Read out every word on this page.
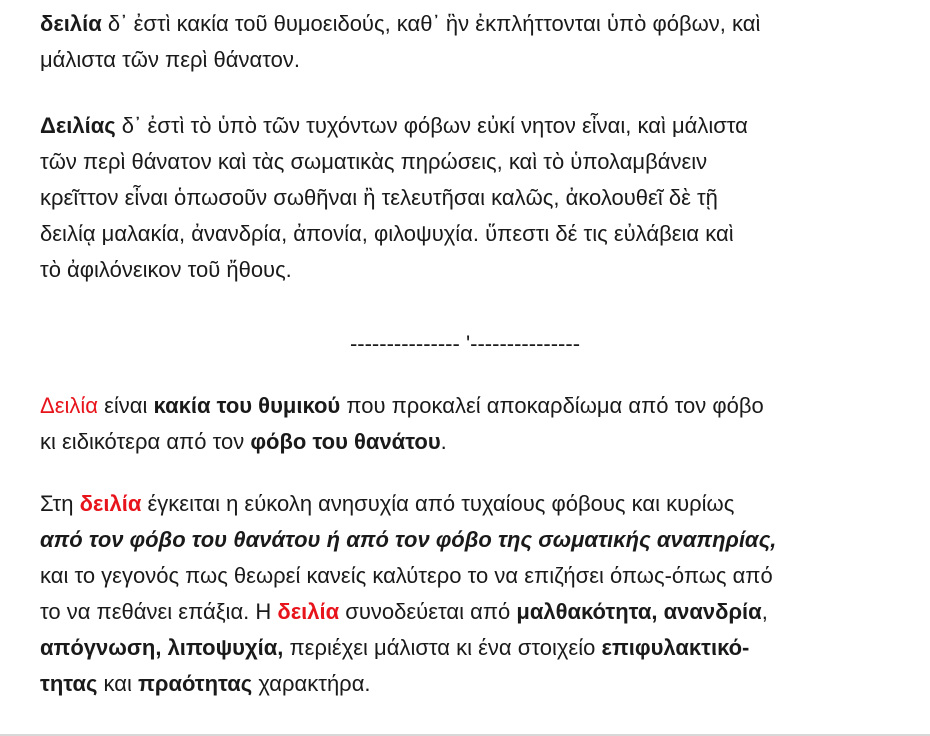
δειλία δ᾽ ἐστὶ κακία τοῦ θυμοειδούς, καθ᾽ ἣν ἐκπλήττονται ὑπὸ φόβων, καὶ
μάλιστα τῶν περὶ θάνατον.
Δειλίας δ᾽ ἐστὶ τὸ ὑπὸ τῶν τυχόντων φόβων εὐκί νητον εἶναι, καὶ μάλιστα
τῶν περὶ θάνατον καὶ τὰς σωματικὰς πηρώσεις, καὶ τὸ ὑπολαμβάνειν
κρεῖττον εἶναι ὁπωσοῦν σωθῆναι ἢ τελευτῆσαι καλῶς, ἀκολουθεῖ δὲ τῇ
δειλίᾳ μαλακία, ἀνανδρία, ἀπονία, φιλοψυχία. ὕπεστι δέ τις εὐλάβεια καὶ
τὸ ἀφιλόνεικον τοῦ ἤθους.
--------------- '---------------
Δειλία είναι κακία του θυμικού που προκαλεί αποκαρδίωμα από τον φόβο
κι ειδικότερα από τον φόβο του θανάτου.
Στη δειλία έγκειται η εύκολη ανησυχία από τυχαίους φόβους και κυρίως
από τον φόβο του θανάτου ή από τον φόβο της σωματικής αναπηρίας,
και το γεγονός πως θεωρεί κανείς καλύτερο το να επιζήσει όπως-όπως από
το να πεθάνει επάξια. Η δειλία συνοδεύεται από μαλθακότητα, ανανδρία,
απόγνωση, λιποψυχία, περιέχει μάλιστα κι ένα στοιχείο επιφυλακτικό-
τητας και πραότητας χαρακτήρα.
